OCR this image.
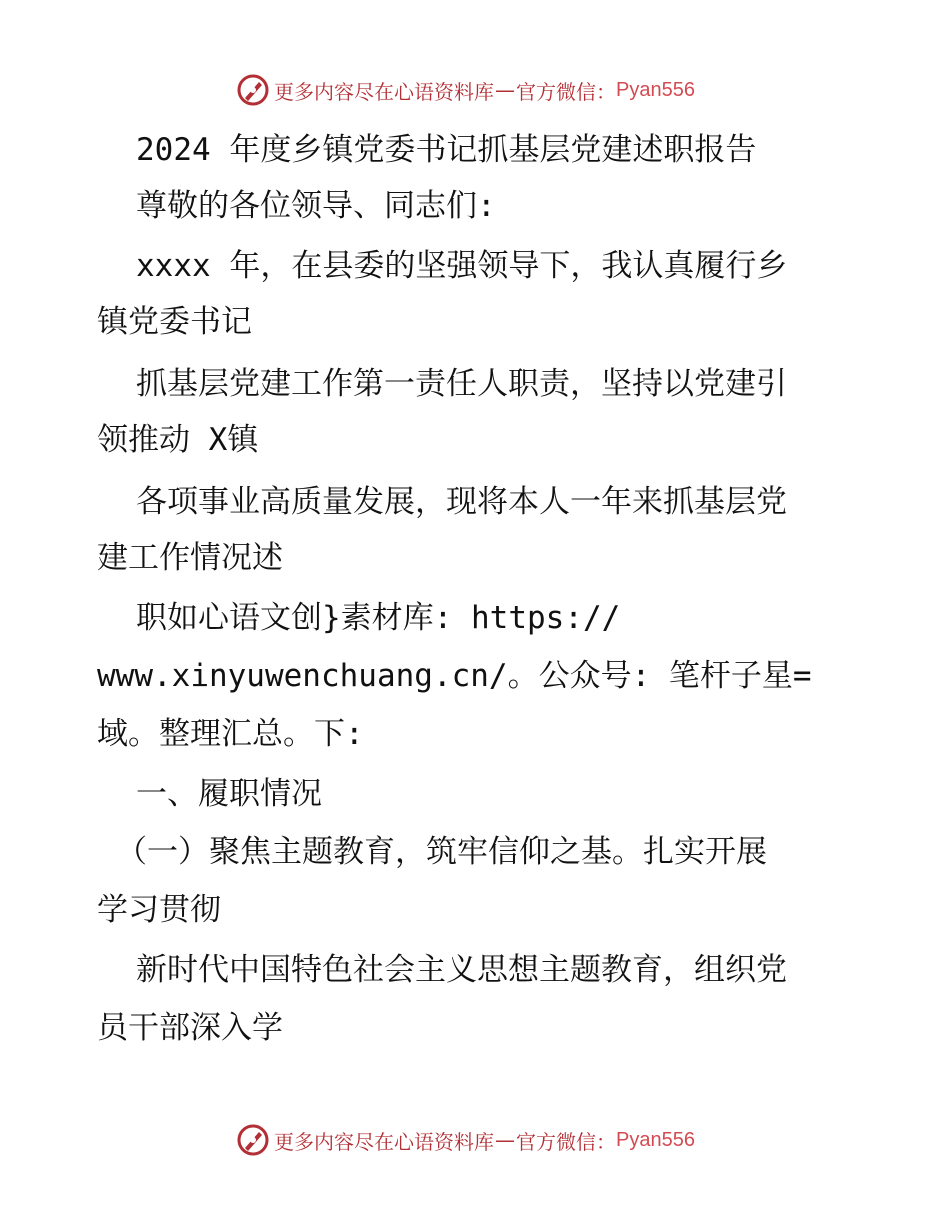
更多内容尽在心语资料库 — 官方微信： Pyan556
2024 年度乡镇党委书记抓基层党建述职报告
尊敬的各位领导、同志们:
xxxx 年，在县委的坚强领导下，我认真履行乡
镇党委书记
抓基层党建工作第一责任人职责，坚持以党建引
领推动 X镇
各项事业高质量发展，现将本人一年来抓基层党
建工作情况述
职如心语文创}素材库: https://
www.xinyuwenchuang.cn/。公众号: 笔杆子星=
域。整理汇总。下:
一、履职情况
（一）聚焦主题教育，筑牢信仰之基。扎实开展
学习贯彻
新时代中国特色社会主义思想主题教育，组织党
员干部深入学
更多内容尽在心语资料库 — 官方微信： Pyan556
